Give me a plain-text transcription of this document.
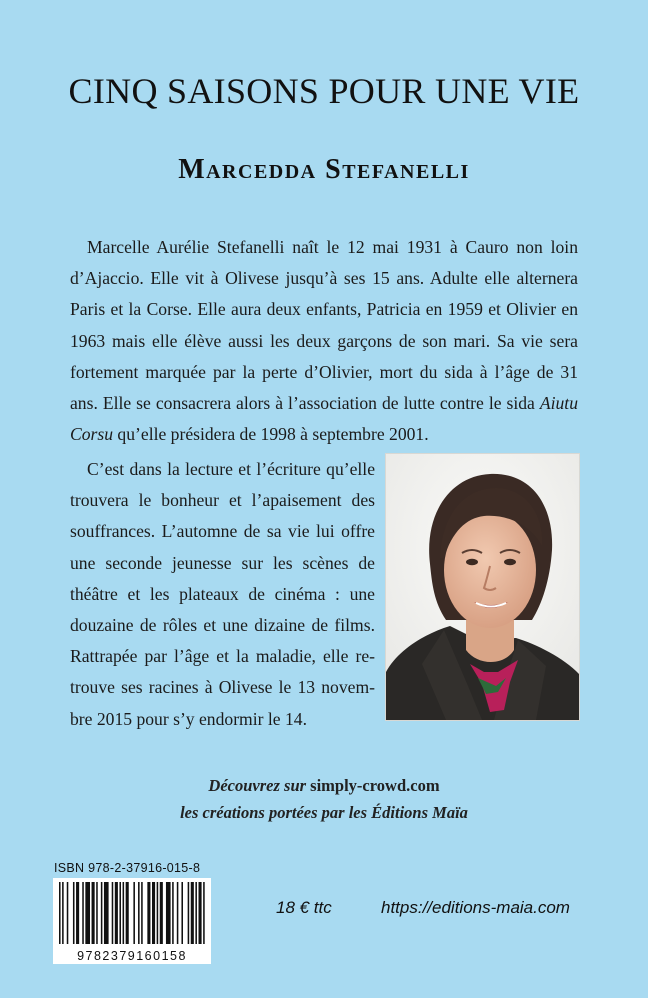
CINQ SAISONS POUR UNE VIE
Marcedda Stefanelli

Marcelle Aurélie Stefanelli naît le 12 mai 1931 à Cauro non loin d’Ajaccio. Elle vit à Olivese jusqu’à ses 15 ans. Adulte elle alternera Paris et la Corse. Elle aura deux enfants, Patricia en 1959 et Olivier en 1963 mais elle élève aussi les deux garçons de son mari. Sa vie sera fortement marquée par la perte d’Olivier, mort du sida à l’âge de 31 ans. Elle se consacrera alors à l’association de lutte contre le sida Aiutu Corsu qu’elle présidera de 1998 à septembre 2001.

C’est dans la lecture et l’écriture qu’elle trouvera le bonheur et l’apaisement des souffrances. L’automne de sa vie lui offre une seconde jeunesse sur les scènes de théâtre et les plateaux de cinéma : une douzaine de rôles et une dizaine de films. Rattrapée par l’âge et la maladie, elle retrouve ses racines à Olivese le 13 novembre 2015 pour s’y endormir le 14.

Découvrez sur simply-crowd.com
les créations portées par les Éditions Maïa
ISBN 978-2-37916-015-8
9782379160158
18 € ttc	https://editions-maia.com
